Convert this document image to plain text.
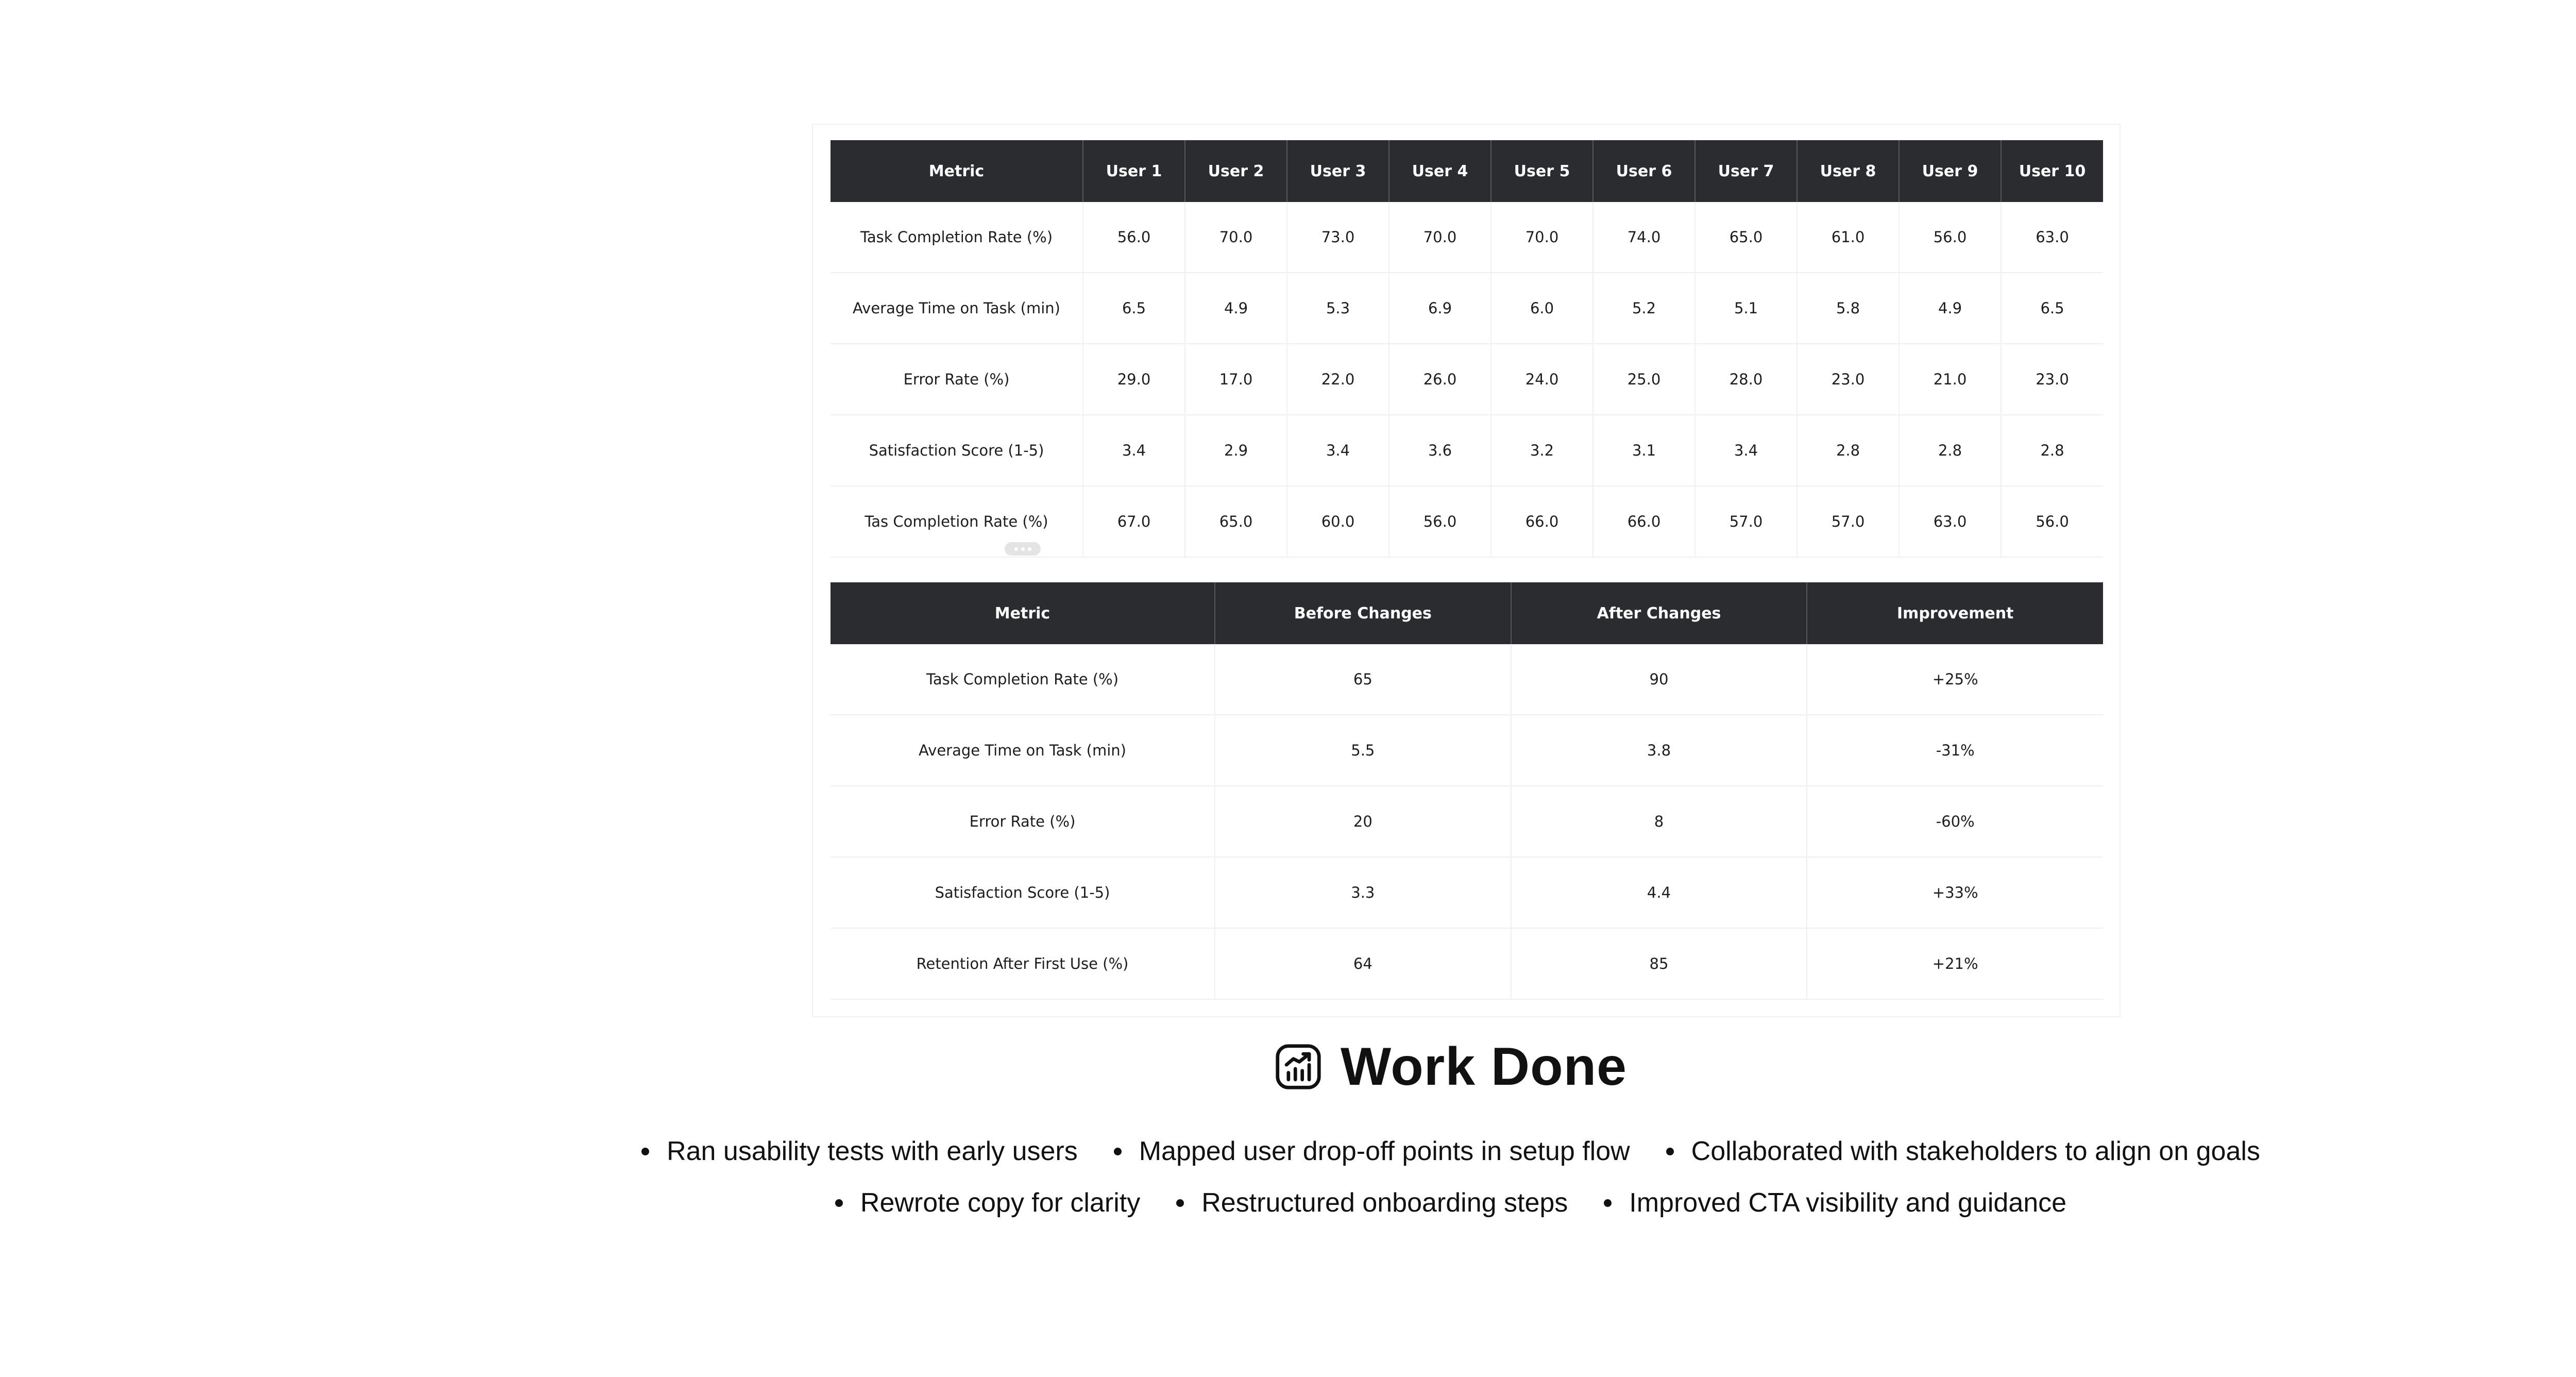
Metric	User 1	User 2	User 3	User 4	User 5	User 6	User 7	User 8	User 9	User 10
Task Completion Rate (%)	56.0	70.0	73.0	70.0	70.0	74.0	65.0	61.0	56.0	63.0
Average Time on Task (min)	6.5	4.9	5.3	6.9	6.0	5.2	5.1	5.8	4.9	6.5
Error Rate (%)	29.0	17.0	22.0	26.0	24.0	25.0	28.0	23.0	21.0	23.0
Satisfaction Score (1-5)	3.4	2.9	3.4	3.6	3.2	3.1	3.4	2.8	2.8	2.8
Tas Completion Rate (%)	67.0	65.0	60.0	56.0	66.0	66.0	57.0	57.0	63.0	56.0
Metric	Before Changes	After Changes	Improvement
Task Completion Rate (%)	65	90	+25%
Average Time on Task (min)	5.5	3.8	-31%
Error Rate (%)	20	8	-60%
Satisfaction Score (1-5)	3.3	4.4	+33%
Retention After First Use (%)	64	85	+21%
Work Done
Ran usability tests with early users Mapped user drop-off points in setup flow Collaborated with stakeholders to align on goals
Rewrote copy for clarity Restructured onboarding steps Improved CTA visibility and guidance
